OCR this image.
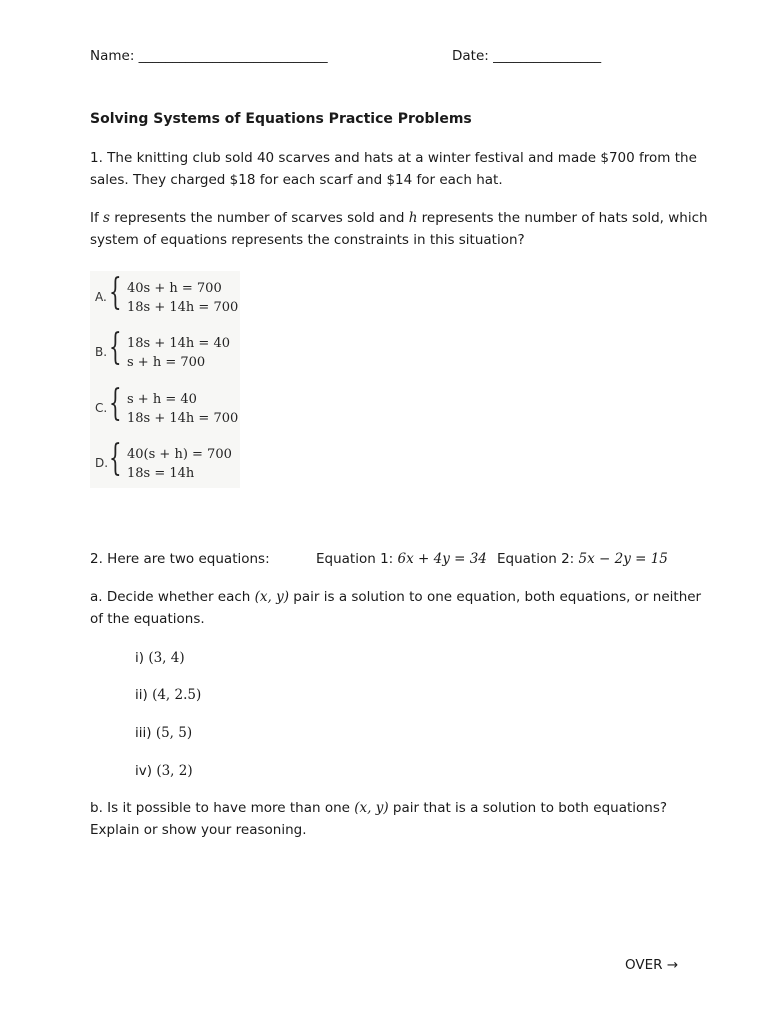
Name: ____________________________	Date: ________________
Solving Systems of Equations Practice Problems
1. The knitting club sold 40 scarves and hats at a winter festival and made $700 from the
sales. They charged $18 for each scarf and $14 for each hat.
If s represents the number of scarves sold and h represents the number of hats sold, which
system of equations represents the constraints in this situation?
A. { 40s + h = 700
18s + 14h = 700
B. { 18s + 14h = 40
s + h = 700
C. { s + h = 40
18s + 14h = 700
D. { 40(s + h) = 700
18s = 14h
2. Here are two equations:	Equation 1: 6x + 4y = 34 Equation 2: 5x − 2y = 15
a. Decide whether each (x, y) pair is a solution to one equation, both equations, or neither
of the equations.
i) (3, 4)
ii) (4, 2.5)
iii) (5, 5)
iv) (3, 2)
b. Is it possible to have more than one (x, y) pair that is a solution to both equations?
Explain or show your reasoning.
OVER →
